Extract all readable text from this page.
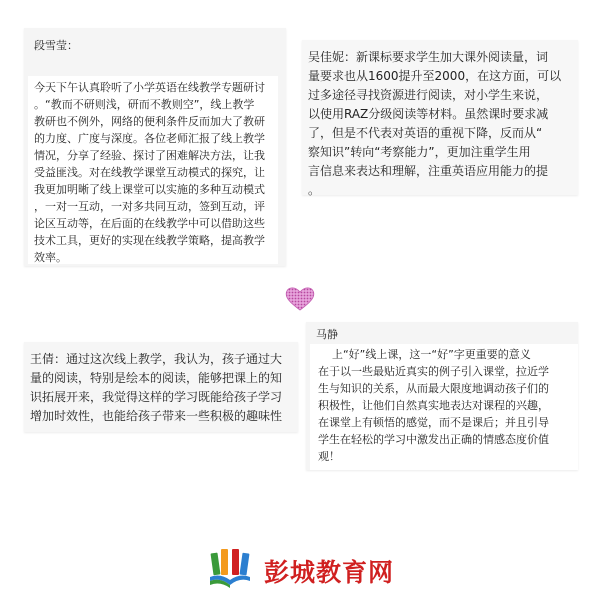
段雪莹：
今天下午认真聆听了小学英语在线教学专题研讨
。“教而不研则浅，研而不教则空”，线上教学
教研也不例外，网络的便利条件反而加大了教研
的力度、广度与深度。各位老师汇报了线上教学
情况，分享了经验、探讨了困难解决方法，让我
受益匪浅。对在线教学课堂互动模式的探究，让
我更加明晰了线上课堂可以实施的多种互动模式
，一对一互动，一对多共同互动，签到互动，评
论区互动等，在后面的在线教学中可以借助这些
技术工具，更好的实现在线教学策略，提高教学
效率。
吴佳妮：新课标要求学生加大课外阅读量，词
量要求也从1600提升至2000，在这方面，可以
过多途径寻找资源进行阅读，对小学生来说，
以使用RAZ分级阅读等材料。虽然课时要求减
了，但是不代表对英语的重视下降，反而从“
察知识”转向“考察能力”，更加注重学生用
言信息来表达和理解，注重英语应用能力的提
。
王倩：通过这次线上教学，我认为，孩子通过大
量的阅读，特别是绘本的阅读，能够把课上的知
识拓展开来，我觉得这样的学习既能给孩子学习
增加时效性，也能给孩子带来一些积极的趣味性
马静
上“好”线上课，这一“好”字更重要的意义
在于以一些最贴近真实的例子引入课堂，拉近学
生与知识的关系，从而最大限度地调动孩子们的
积极性，让他们自然真实地表达对课程的兴趣，
在课堂上有顿悟的感觉，而不是课后；并且引导
学生在轻松的学习中激发出正确的情感态度价值
观！
彭城教育网
